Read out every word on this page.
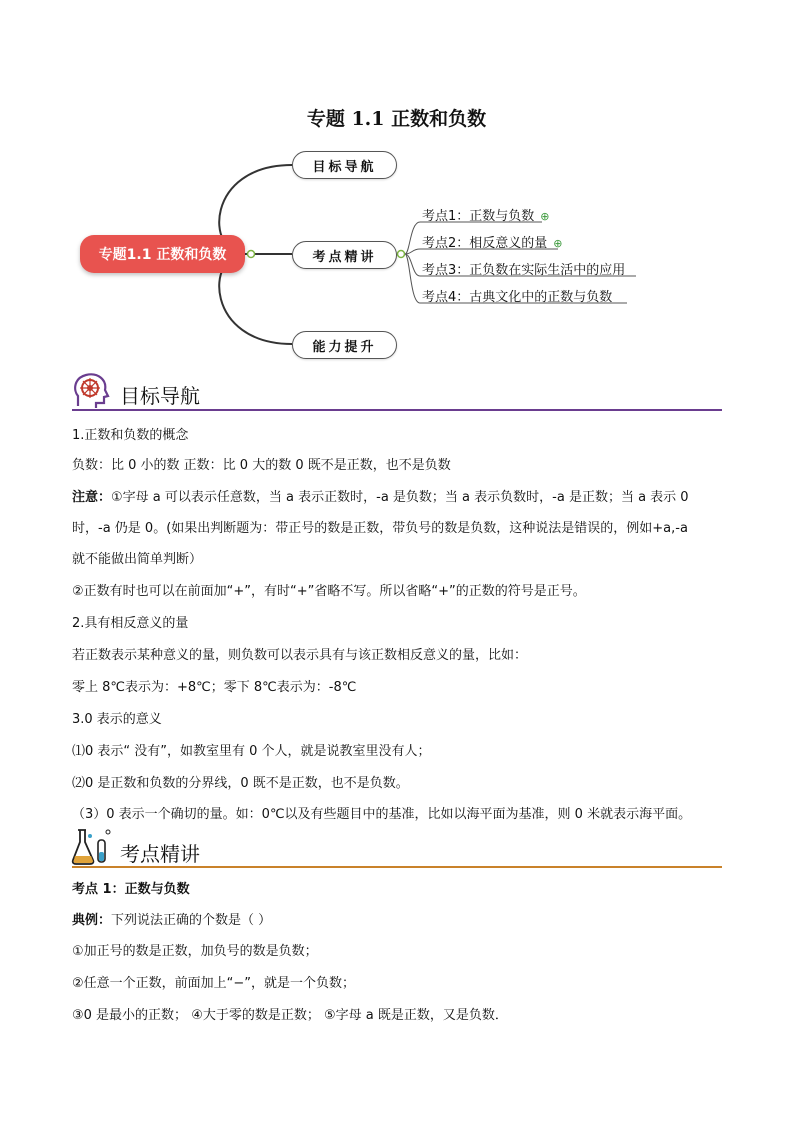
专题 1.1 正数和负数
专题1.1 正数和负数
目标导航
考点精讲
能力提升
考点1：正数与负数 ⊕
考点2：相反意义的量 ⊕
考点3：正负数在实际生活中的应用
考点4：古典文化中的正数与负数
目标导航
1.正数和负数的概念
负数：比 0 小的数 正数：比 0 大的数 0 既不是正数，也不是负数
注意：①字母 a 可以表示任意数，当 a 表示正数时，-a 是负数；当 a 表示负数时，-a 是正数；当 a 表示 0
时，-a 仍是 0。(如果出判断题为：带正号的数是正数，带负号的数是负数，这种说法是错误的，例如+a,-a
就不能做出简单判断）
②正数有时也可以在前面加“+”，有时“+”省略不写。所以省略“+”的正数的符号是正号。
2.具有相反意义的量
若正数表示某种意义的量，则负数可以表示具有与该正数相反意义的量，比如：
零上 8℃表示为：+8℃；零下 8℃表示为：-8℃
3.0 表示的意义
⑴0 表示“ 没有”，如教室里有 0 个人，就是说教室里没有人；
⑵0 是正数和负数的分界线，0 既不是正数，也不是负数。
（3）0 表示一个确切的量。如：0℃以及有些题目中的基准，比如以海平面为基准，则 0 米就表示海平面。
考点精讲
考点 1：正数与负数
典例：下列说法正确的个数是（ ）
①加正号的数是正数，加负号的数是负数；
②任意一个正数，前面加上“−”，就是一个负数；
③0 是最小的正数； ④大于零的数是正数； ⑤字母 a 既是正数，又是负数．
